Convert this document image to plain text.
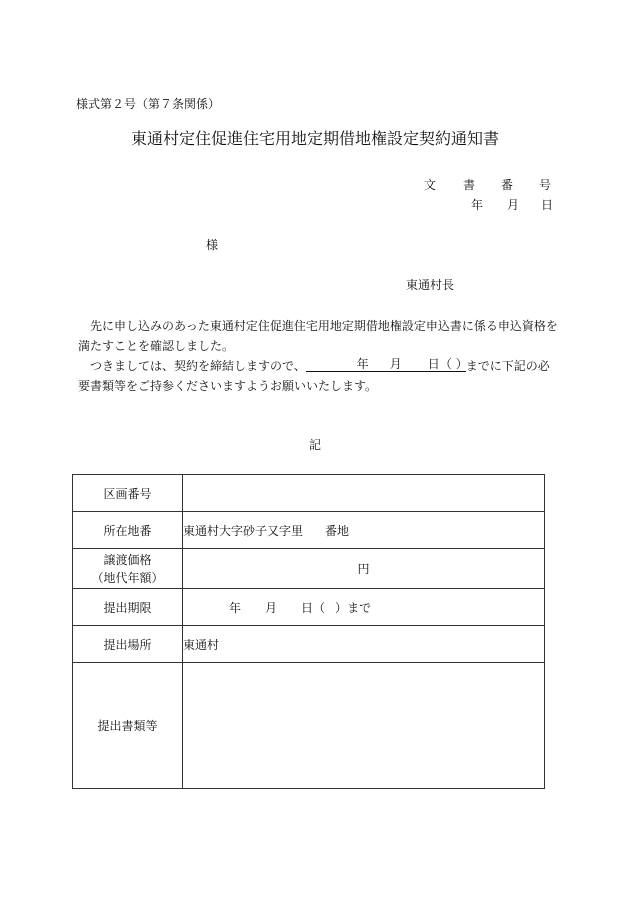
様式第２号（第７条関係）
東通村定住促進住宅用地定期借地権設定契約通知書
文 書 番 号
年 月 日
様
東通村長
先に申し込みのあった東通村定住促進住宅用地定期借地権設定申込書に係る申込資格を
満たすことを確認しました。
つきましては、契約を締結しますので、	年 月 日（ ）
までに下記の必
要書類等をご持参くださいますようお願いいたします。
記
区画番号	
所在地番	東通村大字砂子又字里 番地

譲渡価格
（地代年額）	円
提出期限	年 月 日（ ）まで
提出場所	東通村
提出書類等	
